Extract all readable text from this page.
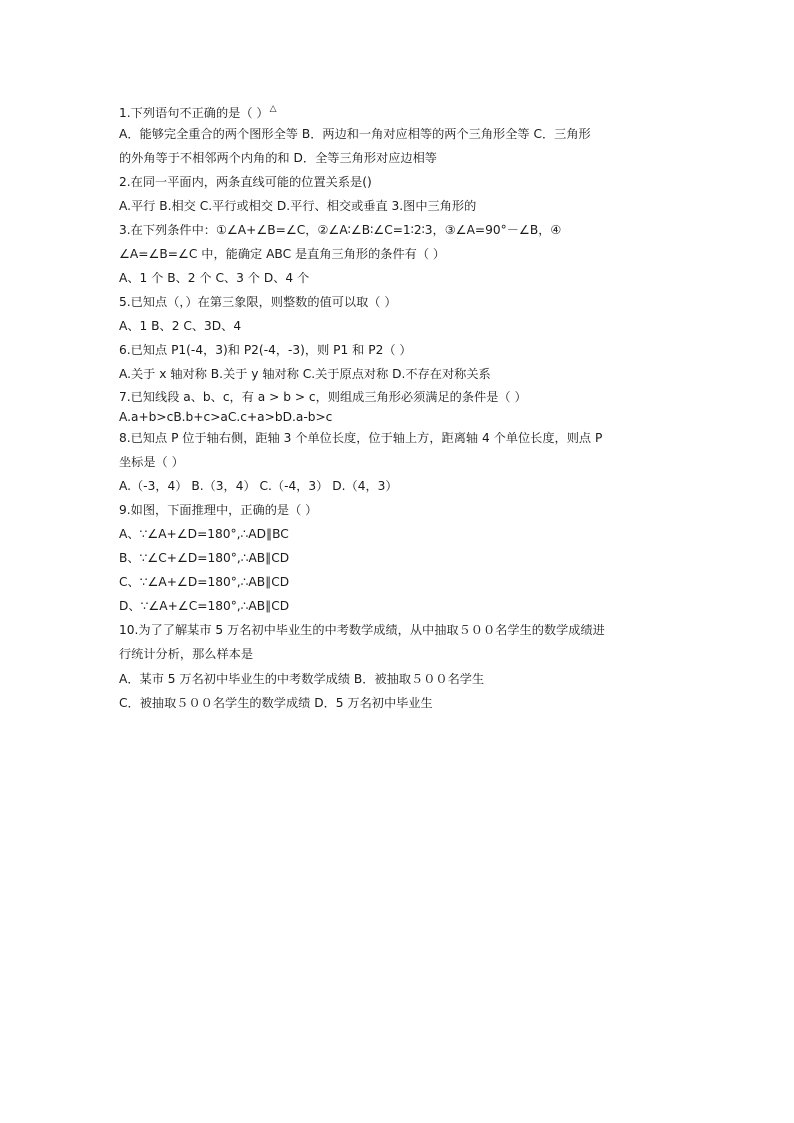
1.下列语句不正确的是（ ）△
A．能够完全重合的两个图形全等 B．两边和一角对应相等的两个三角形全等 C．三角形
的外角等于不相邻两个内角的和 D．全等三角形对应边相等
2.在同一平面内，两条直线可能的位置关系是()
A.平行 B.相交 C.平行或相交 D.平行、相交或垂直 3.图中三角形的
3.在下列条件中：①∠A+∠B=∠C，②∠A∶∠B∶∠C=1∶2∶3，③∠A=90°－∠B，④
∠A=∠B=∠C 中，能确定 ABC 是直角三角形的条件有（ ）
A、1 个 B、2 个 C、3 个 D、4 个
5.已知点（，）在第三象限，则整数的值可以取（ ）
A、1 B、2 C、3D、4
6.已知点 P1(-4，3)和 P2(-4，-3)，则 P1 和 P2（ ）
A.关于 x 轴对称 B.关于 y 轴对称 C.关于原点对称 D.不存在对称关系
7.已知线段 a、b、c，有 a > b > c，则组成三角形必须满足的条件是（ ）
A.a+b>cB.b+c>aC.c+a>bD.a-b>c
8.已知点 P 位于轴右侧，距轴 3 个单位长度，位于轴上方，距离轴 4 个单位长度，则点 P
坐标是（ ）
A.（-3，4） B.（3，4） C.（-4，3） D.（4，3）
9.如图，下面推理中，正确的是（ ）
A、∵∠A+∠D=180°,∴AD∥BC
B、∵∠C+∠D=180°,∴AB∥CD
C、∵∠A+∠D=180°,∴AB∥CD
D、∵∠A+∠C=180°,∴AB∥CD
10.为了了解某市 5 万名初中毕业生的中考数学成绩，从中抽取５００名学生的数学成绩进
行统计分析，那么样本是
A．某市 5 万名初中毕业生的中考数学成绩 B．被抽取５００名学生
C．被抽取５００名学生的数学成绩 D．5 万名初中毕业生
